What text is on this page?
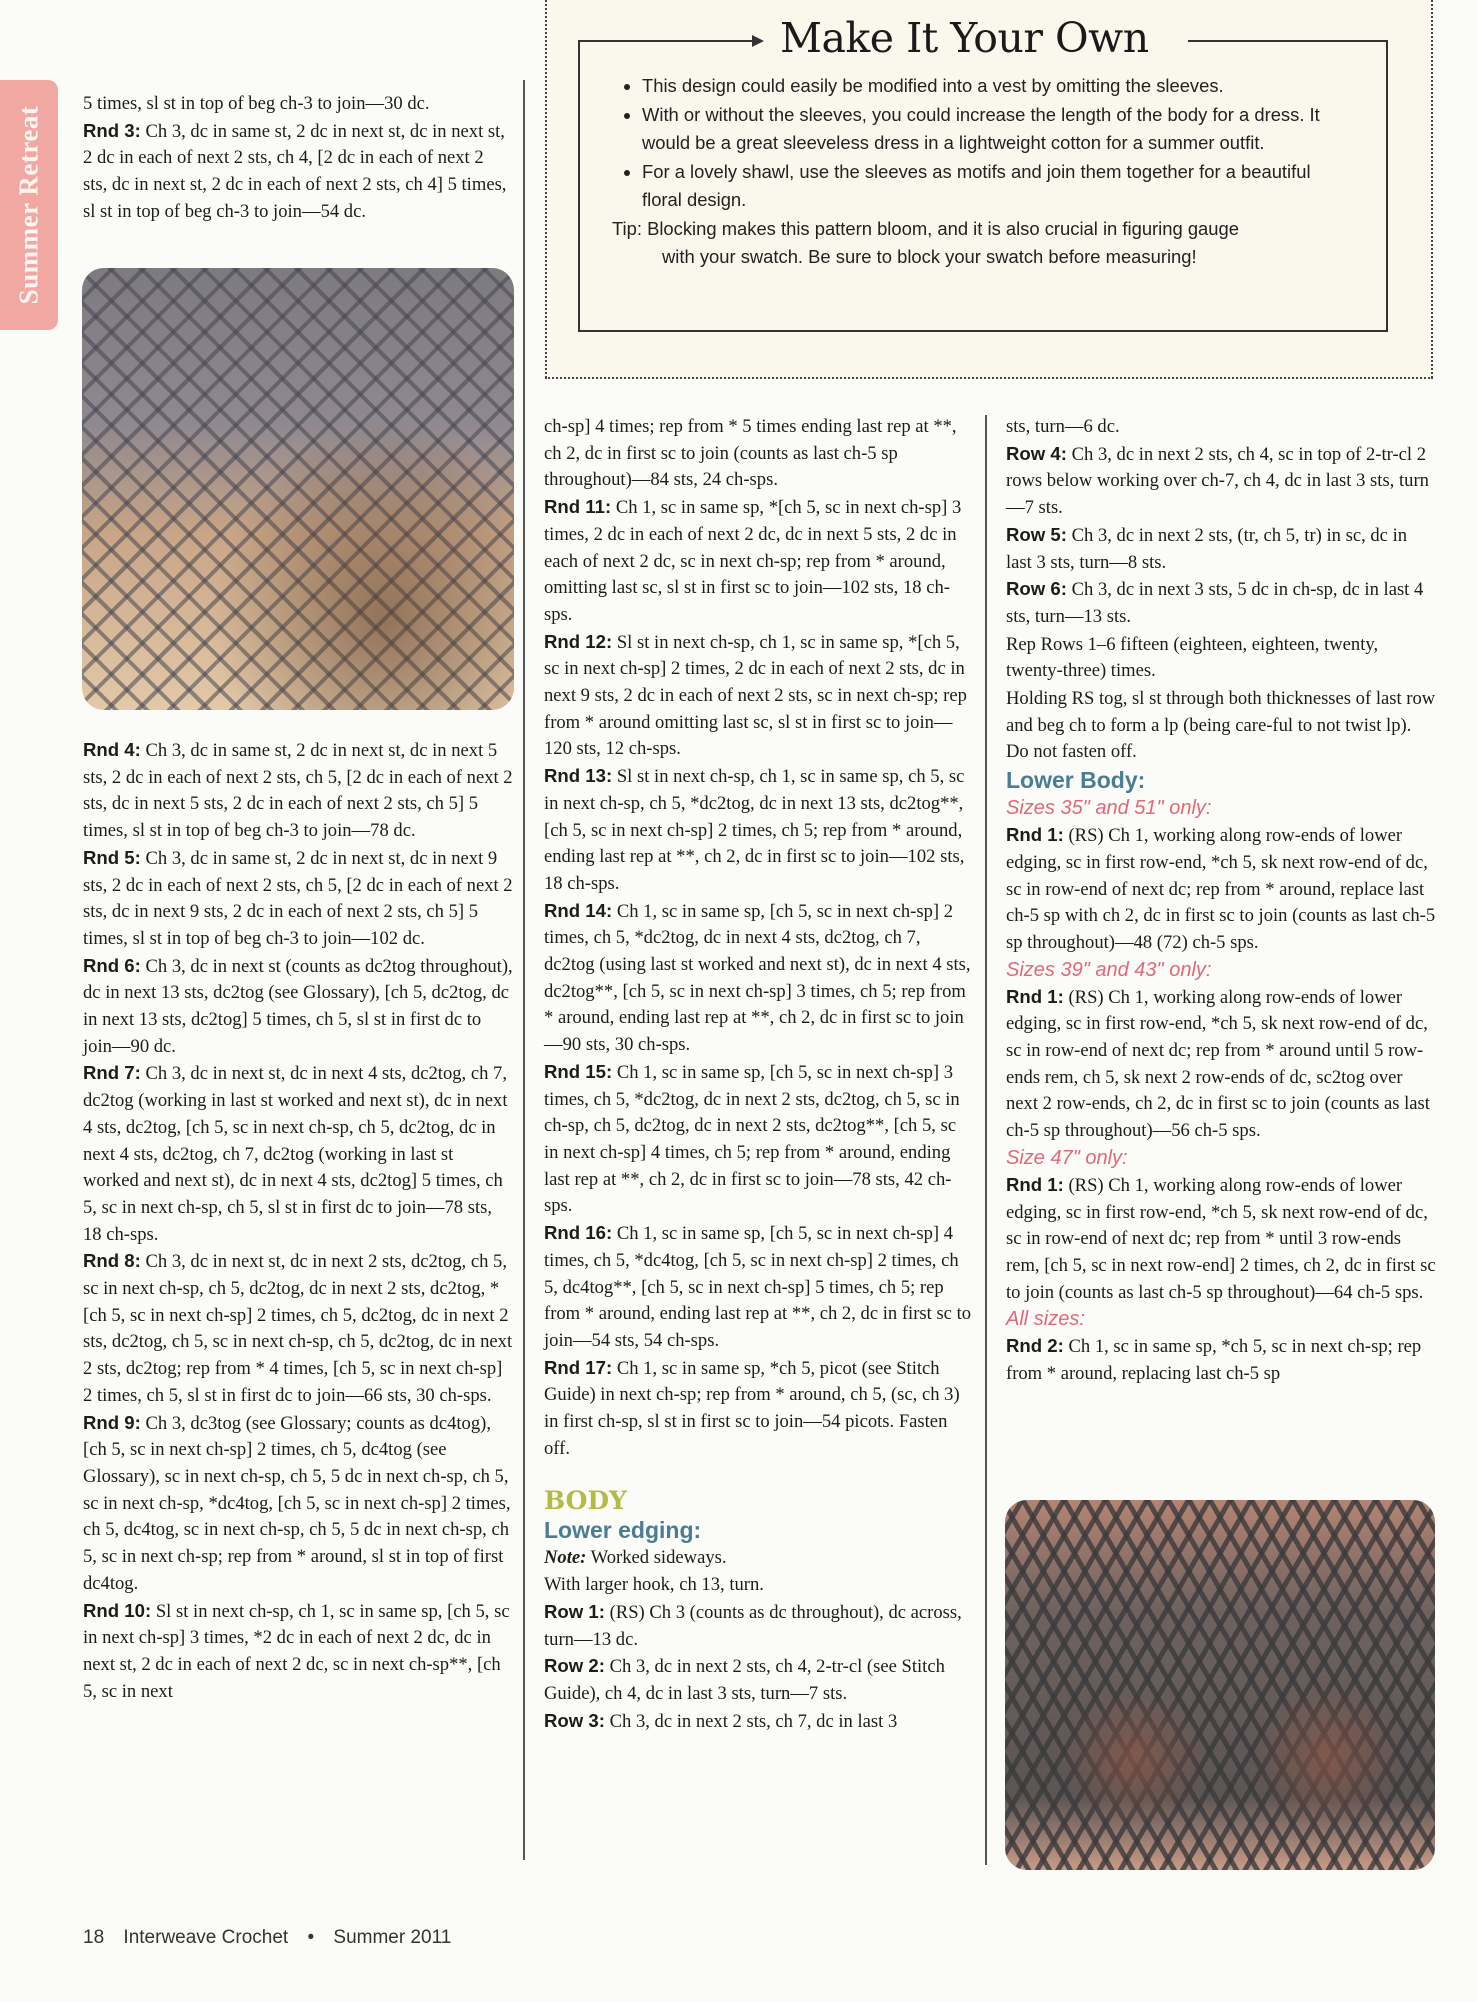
Summer Retreat
Make It Your Own
• This design could easily be modified into a vest by omitting the sleeves.
• With or without the sleeves, you could increase the length of the body for a dress. It would be a great sleeveless dress in a lightweight cotton for a summer outfit.
• For a lovely shawl, use the sleeves as motifs and join them together for a beautiful floral design.
Tip: Blocking makes this pattern bloom, and it is also crucial in figuring gauge
with your swatch. Be sure to block your swatch before measuring!

5 times, sl st in top of beg ch-3 to join—30 dc.

Rnd 3: Ch 3, dc in same st, 2 dc in next st, dc in next st, 2 dc in each of next 2 sts, ch 4, [2 dc in each of next 2 sts, dc in next st, 2 dc in each of next 2 sts, ch 4] 5 times, sl st in top of beg ch-3 to join—54 dc.

Rnd 4: Ch 3, dc in same st, 2 dc in next st, dc in next 5 sts, 2 dc in each of next 2 sts, ch 5, [2 dc in each of next 2 sts, dc in next 5 sts, 2 dc in each of next 2 sts, ch 5] 5 times, sl st in top of beg ch-3 to join—78 dc.

Rnd 5: Ch 3, dc in same st, 2 dc in next st, dc in next 9 sts, 2 dc in each of next 2 sts, ch 5, [2 dc in each of next 2 sts, dc in next 9 sts, 2 dc in each of next 2 sts, ch 5] 5 times, sl st in top of beg ch-3 to join—102 dc.

Rnd 6: Ch 3, dc in next st (counts as dc2tog throughout), dc in next 13 sts, dc2tog (see Glossary), [ch 5, dc2tog, dc in next 13 sts, dc2tog] 5 times, ch 5, sl st in first dc to join—90 dc.

Rnd 7: Ch 3, dc in next st, dc in next 4 sts, dc2tog, ch 7, dc2tog (working in last st worked and next st), dc in next 4 sts, dc2tog, [ch 5, sc in next ch-sp, ch 5, dc2tog, dc in next 4 sts, dc2tog, ch 7, dc2tog (working in last st worked and next st), dc in next 4 sts, dc2tog] 5 times, ch 5, sc in next ch-sp, ch 5, sl st in first dc to join—78 sts, 18 ch-sps.

Rnd 8: Ch 3, dc in next st, dc in next 2 sts, dc2tog, ch 5, sc in next ch-sp, ch 5, dc2tog, dc in next 2 sts, dc2tog, *[ch 5, sc in next ch-sp] 2 times, ch 5, dc2tog, dc in next 2 sts, dc2tog, ch 5, sc in next ch-sp, ch 5, dc2tog, dc in next 2 sts, dc2tog; rep from * 4 times, [ch 5, sc in next ch-sp] 2 times, ch 5, sl st in first dc to join—66 sts, 30 ch-sps.

Rnd 9: Ch 3, dc3tog (see Glossary; counts as dc4tog), [ch 5, sc in next ch-sp] 2 times, ch 5, dc4tog (see Glossary), sc in next ch-sp, ch 5, 5 dc in next ch-sp, ch 5, sc in next ch-sp, *dc4tog, [ch 5, sc in next ch-sp] 2 times, ch 5, dc4tog, sc in next ch-sp, ch 5, 5 dc in next ch-sp, ch 5, sc in next ch-sp; rep from * around, sl st in top of first dc4tog.

Rnd 10: Sl st in next ch-sp, ch 1, sc in same sp, [ch 5, sc in next ch-sp] 3 times, *2 dc in each of next 2 dc, dc in next st, 2 dc in each of next 2 dc, sc in next ch-sp**, [ch 5, sc in next

ch-sp] 4 times; rep from * 5 times ending last rep at **, ch 2, dc in first sc to join (counts as last ch-5 sp throughout)—84 sts, 24 ch-sps.

Rnd 11: Ch 1, sc in same sp, *[ch 5, sc in next ch-sp] 3 times, 2 dc in each of next 2 dc, dc in next 5 sts, 2 dc in each of next 2 dc, sc in next ch-sp; rep from * around, omitting last sc, sl st in first sc to join—102 sts, 18 ch-sps.

Rnd 12: Sl st in next ch-sp, ch 1, sc in same sp, *[ch 5, sc in next ch-sp] 2 times, 2 dc in each of next 2 sts, dc in next 9 sts, 2 dc in each of next 2 sts, sc in next ch-sp; rep from * around omitting last sc, sl st in first sc to join—120 sts, 12 ch-sps.

Rnd 13: Sl st in next ch-sp, ch 1, sc in same sp, ch 5, sc in next ch-sp, ch 5, *dc2tog, dc in next 13 sts, dc2tog**, [ch 5, sc in next ch-sp] 2 times, ch 5; rep from * around, ending last rep at **, ch 2, dc in first sc to join—102 sts, 18 ch-sps.

Rnd 14: Ch 1, sc in same sp, [ch 5, sc in next ch-sp] 2 times, ch 5, *dc2tog, dc in next 4 sts, dc2tog, ch 7, dc2tog (using last st worked and next st), dc in next 4 sts, dc2tog**, [ch 5, sc in next ch-sp] 3 times, ch 5; rep from * around, ending last rep at **, ch 2, dc in first sc to join—90 sts, 30 ch-sps.

Rnd 15: Ch 1, sc in same sp, [ch 5, sc in next ch-sp] 3 times, ch 5, *dc2tog, dc in next 2 sts, dc2tog, ch 5, sc in ch-sp, ch 5, dc2tog, dc in next 2 sts, dc2tog**, [ch 5, sc in next ch-sp] 4 times, ch 5; rep from * around, ending last rep at **, ch 2, dc in first sc to join—78 sts, 42 ch-sps.

Rnd 16: Ch 1, sc in same sp, [ch 5, sc in next ch-sp] 4 times, ch 5, *dc4tog, [ch 5, sc in next ch-sp] 2 times, ch 5, dc4tog**, [ch 5, sc in next ch-sp] 5 times, ch 5; rep from * around, ending last rep at **, ch 2, dc in first sc to join—54 sts, 54 ch-sps.

Rnd 17: Ch 1, sc in same sp, *ch 5, picot (see Stitch Guide) in next ch-sp; rep from * around, ch 5, (sc, ch 3) in first ch-sp, sl st in first sc to join—54 picots. Fasten off.

BODY

Lower edging:

Note: Worked sideways.

With larger hook, ch 13, turn.

Row 1: (RS) Ch 3 (counts as dc throughout), dc across, turn—13 dc.

Row 2: Ch 3, dc in next 2 sts, ch 4, 2-tr-cl (see Stitch Guide), ch 4, dc in last 3 sts, turn—7 sts.

Row 3: Ch 3, dc in next 2 sts, ch 7, dc in last 3

sts, turn—6 dc.

Row 4: Ch 3, dc in next 2 sts, ch 4, sc in top of 2-tr-cl 2 rows below working over ch-7, ch 4, dc in last 3 sts, turn—7 sts.

Row 5: Ch 3, dc in next 2 sts, (tr, ch 5, tr) in sc, dc in last 3 sts, turn—8 sts.

Row 6: Ch 3, dc in next 3 sts, 5 dc in ch-sp, dc in last 4 sts, turn—13 sts.

Rep Rows 1–6 fifteen (eighteen, eighteen, twenty, twenty-three) times.

Holding RS tog, sl st through both thicknesses of last row and beg ch to form a lp (being care-ful to not twist lp). Do not fasten off.

Lower Body:

Sizes 35" and 51" only:

Rnd 1: (RS) Ch 1, working along row-ends of lower edging, sc in first row-end, *ch 5, sk next row-end of dc, sc in row-end of next dc; rep from * around, replace last ch-5 sp with ch 2, dc in first sc to join (counts as last ch-5 sp throughout)—48 (72) ch-5 sps.

Sizes 39" and 43" only:

Rnd 1: (RS) Ch 1, working along row-ends of lower edging, sc in first row-end, *ch 5, sk next row-end of dc, sc in row-end of next dc; rep from * around until 5 row-ends rem, ch 5, sk next 2 row-ends of dc, sc2tog over next 2 row-ends, ch 2, dc in first sc to join (counts as last ch-5 sp throughout)—56 ch-5 sps.

Size 47" only:

Rnd 1: (RS) Ch 1, working along row-ends of lower edging, sc in first row-end, *ch 5, sk next row-end of dc, sc in row-end of next dc; rep from * until 3 row-ends rem, [ch 5, sc in next row-end] 2 times, ch 2, dc in first sc to join (counts as last ch-5 sp throughout)—64 ch-5 sps.

All sizes:

Rnd 2: Ch 1, sc in same sp, *ch 5, sc in next ch-sp; rep from * around, replacing last ch-5 sp

18 Interweave Crochet • Summer 2011
